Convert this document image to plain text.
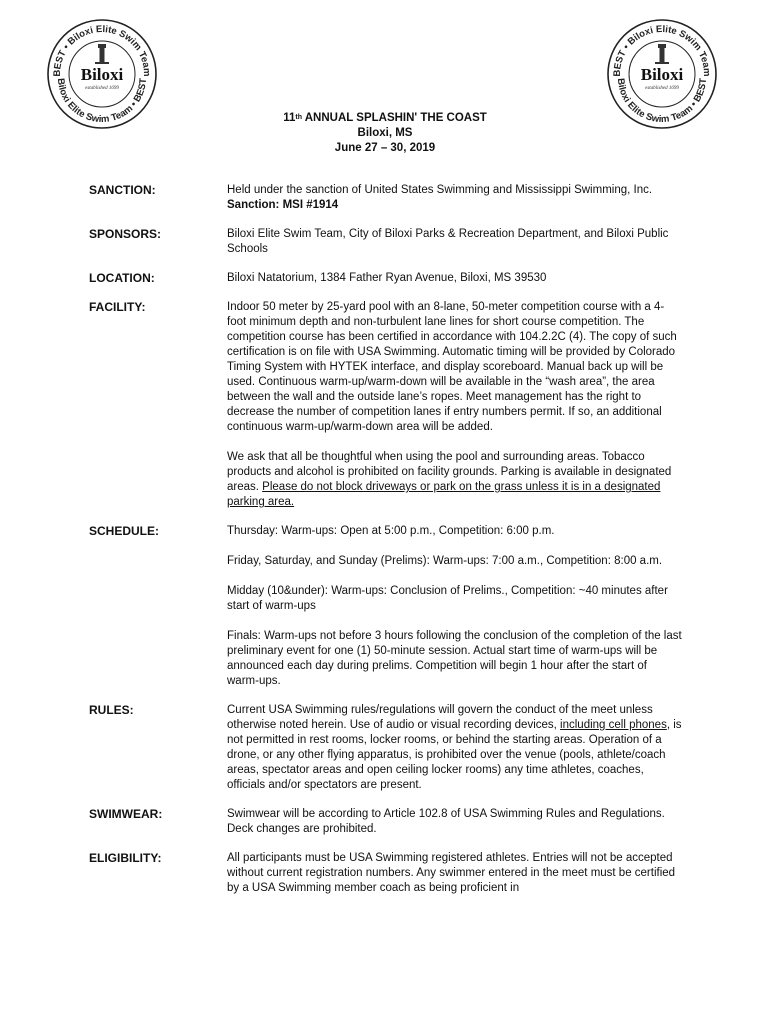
BEST • Biloxi Elite Swim Team
Biloxi Elite Swim Team • BEST
Biloxi
established 1699
BEST • Biloxi Elite Swim Team
Biloxi Elite Swim Team • BEST
Biloxi
established 1699
11th ANNUAL SPLASHIN' THE COAST
Biloxi, MS
June 27 – 30, 2019
SANCTION:	Held under the sanction of United States Swimming and Mississippi Swimming, Inc. Sanction: MSI #1914
SPONSORS:	Biloxi Elite Swim Team, City of Biloxi Parks & Recreation Department, and Biloxi Public Schools
LOCATION:	Biloxi Natatorium, 1384 Father Ryan Avenue, Biloxi, MS 39530
FACILITY:	Indoor 50 meter by 25-yard pool with an 8-lane, 50-meter competition course with a 4-foot minimum depth and non-turbulent lane lines for short course competition. The competition course has been certified in accordance with 104.2.2C (4). The copy of such certification is on file with USA Swimming. Automatic timing will be provided by Colorado Timing System with HYTEK interface, and display scoreboard. Manual back up will be used. Continuous warm-up/warm-down will be available in the “wash area”, the area between the wall and the outside lane’s ropes. Meet management has the right to decrease the number of competition lanes if entry numbers permit. If so, an additional continuous warm-up/warm-down area will be added.

We ask that all be thoughtful when using the pool and surrounding areas. Tobacco products and alcohol is prohibited on facility grounds. Parking is available in designated areas. Please do not block driveways or park on the grass unless it is in a designated parking area.

SCHEDULE:	Thursday: Warm-ups: Open at 5:00 p.m., Competition: 6:00 p.m.

Friday, Saturday, and Sunday (Prelims): Warm-ups: 7:00 a.m., Competition: 8:00 a.m.

Midday (10&under): Warm-ups: Conclusion of Prelims., Competition: ~40 minutes after start of warm-ups

Finals: Warm-ups not before 3 hours following the conclusion of the completion of the last preliminary event for one (1) 50-minute session. Actual start time of warm-ups will be announced each day during prelims. Competition will begin 1 hour after the start of warm-ups.

RULES:	Current USA Swimming rules/regulations will govern the conduct of the meet unless otherwise noted herein. Use of audio or visual recording devices, including cell phones, is not permitted in rest rooms, locker rooms, or behind the starting areas. Operation of a drone, or any other flying apparatus, is prohibited over the venue (pools, athlete/coach areas, spectator areas and open ceiling locker rooms) any time athletes, coaches, officials and/or spectators are present.
SWIMWEAR:	Swimwear will be according to Article 102.8 of USA Swimming Rules and Regulations. Deck changes are prohibited.
ELIGIBILITY:	All participants must be USA Swimming registered athletes. Entries will not be accepted without current registration numbers. Any swimmer entered in the meet must be certified by a USA Swimming member coach as being proficient in
